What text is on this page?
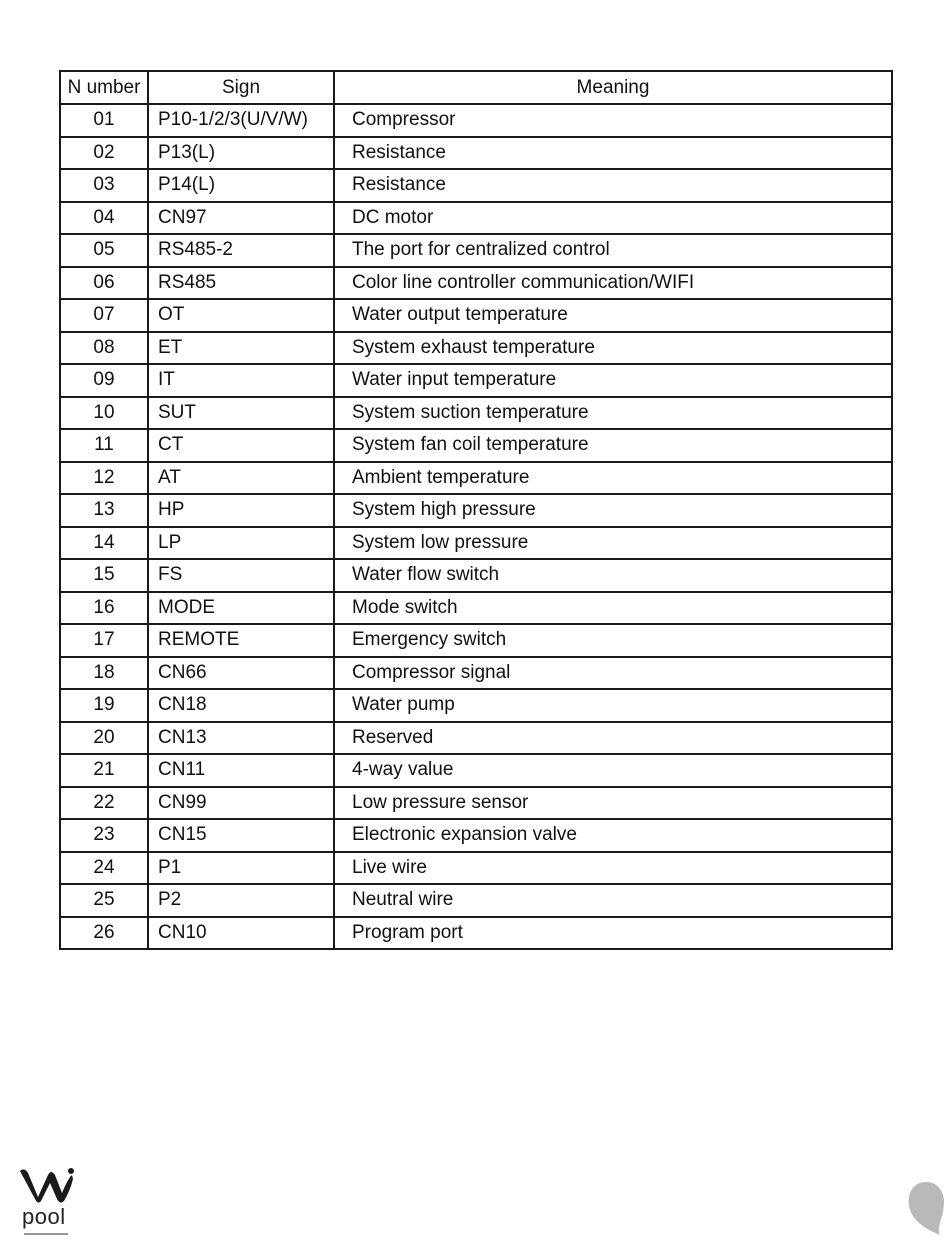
N umber	Sign	Meaning
01	P10-1/2/3(U/V/W)	Compressor
02	P13(L)	Resistance
03	P14(L)	Resistance
04	CN97	DC motor
05	RS485-2	The port for centralized control
06	RS485	Color line controller communication/WIFI
07	OT	Water output temperature
08	ET	System exhaust temperature
09	IT	Water input temperature
10	SUT	System suction temperature
11	CT	System fan coil temperature
12	AT	Ambient temperature
13	HP	System high pressure
14	LP	System low pressure
15	FS	Water flow switch
16	MODE	Mode switch
17	REMOTE	Emergency switch
18	CN66	Compressor signal
19	CN18	Water pump
20	CN13	Reserved
21	CN11	4-way value
22	CN99	Low pressure sensor
23	CN15	Electronic expansion valve
24	P1	Live wire
25	P2	Neutral wire
26	CN10	Program port
pool
